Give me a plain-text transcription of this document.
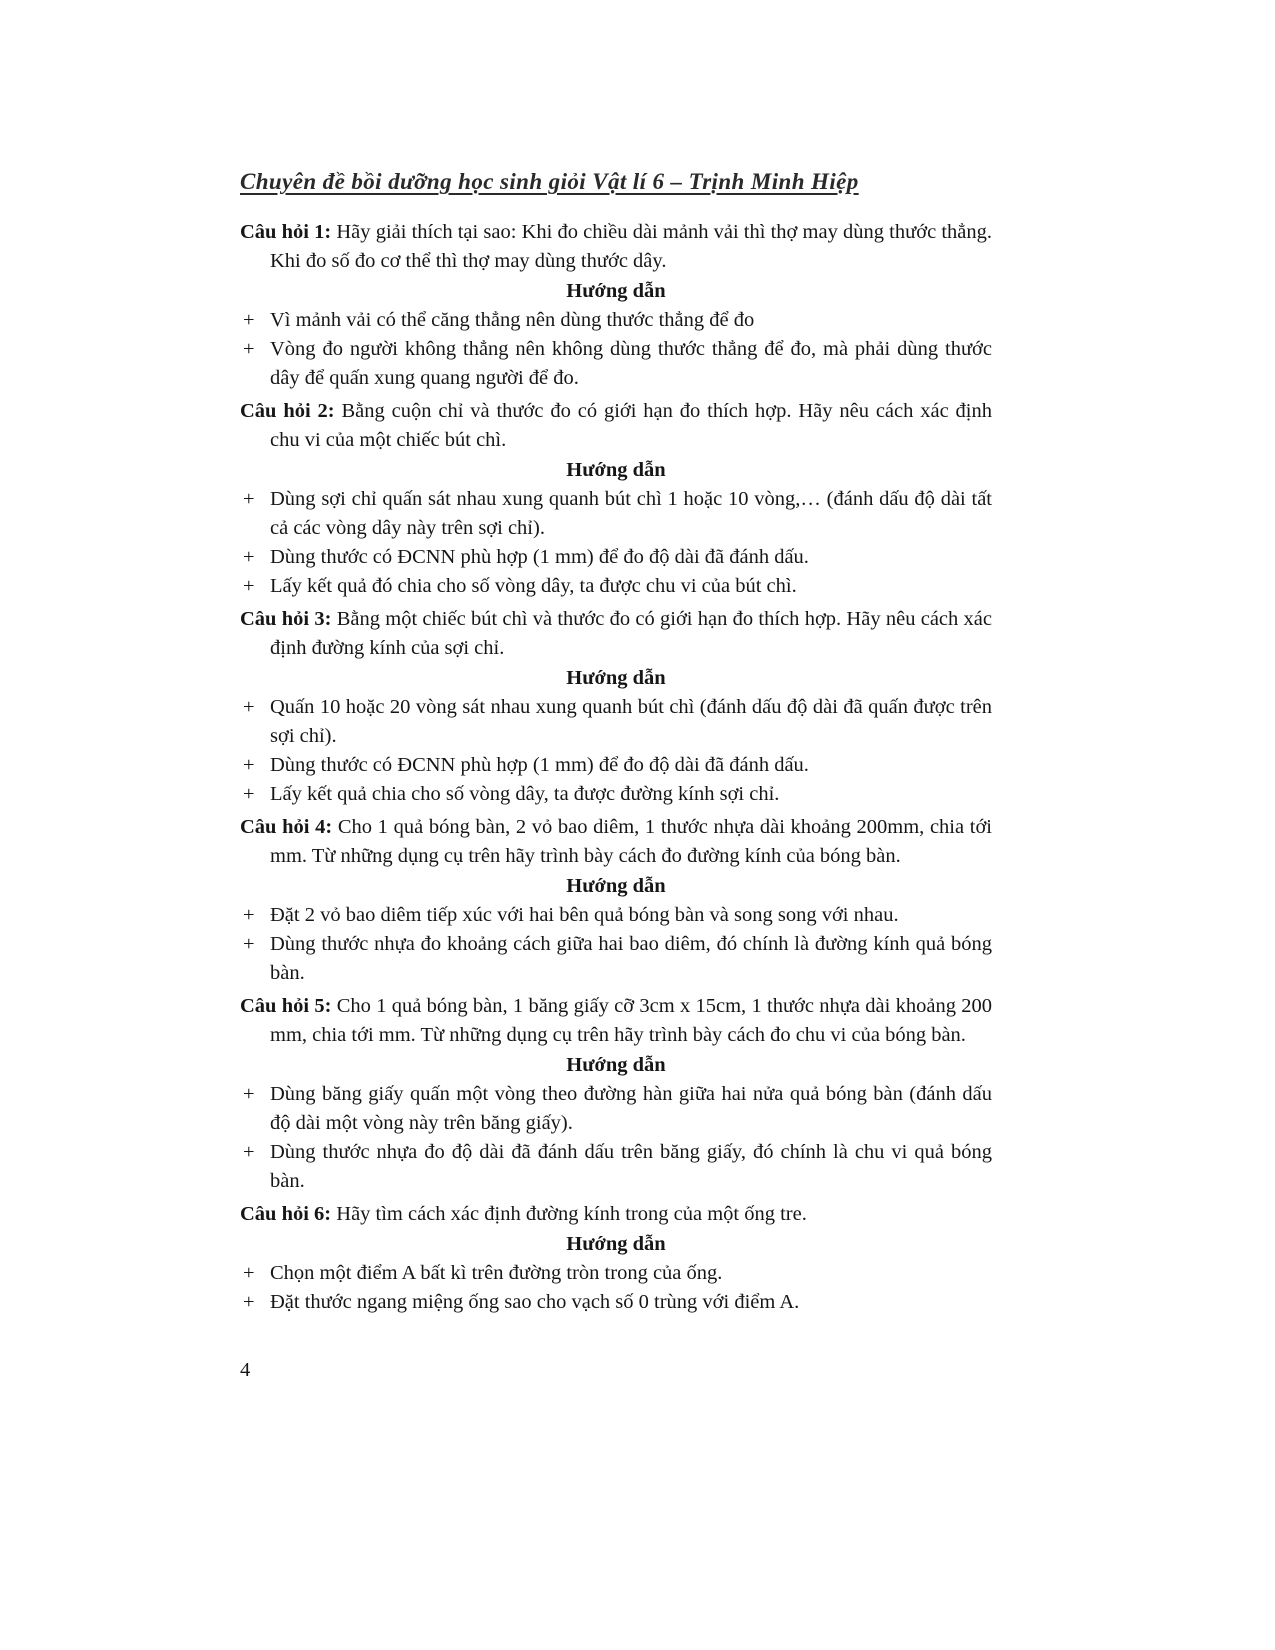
Chuyên đề bồi dưỡng học sinh giỏi Vật lí 6 – Trịnh Minh Hiệp

Câu hỏi 1: Hãy giải thích tại sao: Khi đo chiều dài mảnh vải thì thợ may dùng thước thẳng. Khi đo số đo cơ thể thì thợ may dùng thước dây.

Hướng dẫn

+ Vì mảnh vải có thể căng thẳng nên dùng thước thẳng để đo

+ Vòng đo người không thẳng nên không dùng thước thẳng để đo, mà phải dùng thước dây để quấn xung quang người để đo.

Câu hỏi 2: Bằng cuộn chỉ và thước đo có giới hạn đo thích hợp. Hãy nêu cách xác định chu vi của một chiếc bút chì.

Hướng dẫn

+ Dùng sợi chỉ quấn sát nhau xung quanh bút chì 1 hoặc 10 vòng,… (đánh dấu độ dài tất cả các vòng dây này trên sợi chỉ).

+ Dùng thước có ĐCNN phù hợp (1 mm) để đo độ dài đã đánh dấu.

+ Lấy kết quả đó chia cho số vòng dây, ta được chu vi của bút chì.

Câu hỏi 3: Bằng một chiếc bút chì và thước đo có giới hạn đo thích hợp. Hãy nêu cách xác định đường kính của sợi chỉ.

Hướng dẫn

+ Quấn 10 hoặc 20 vòng sát nhau xung quanh bút chì (đánh dấu độ dài đã quấn được trên sợi chỉ).

+ Dùng thước có ĐCNN phù hợp (1 mm) để đo độ dài đã đánh dấu.

+ Lấy kết quả chia cho số vòng dây, ta được đường kính sợi chỉ.

Câu hỏi 4: Cho 1 quả bóng bàn, 2 vỏ bao diêm, 1 thước nhựa dài khoảng 200mm, chia tới mm. Từ những dụng cụ trên hãy trình bày cách đo đường kính của bóng bàn.

Hướng dẫn

+ Đặt 2 vỏ bao diêm tiếp xúc với hai bên quả bóng bàn và song song với nhau.

+ Dùng thước nhựa đo khoảng cách giữa hai bao diêm, đó chính là đường kính quả bóng bàn.

Câu hỏi 5: Cho 1 quả bóng bàn, 1 băng giấy cỡ 3cm x 15cm, 1 thước nhựa dài khoảng 200 mm, chia tới mm. Từ những dụng cụ trên hãy trình bày cách đo chu vi của bóng bàn.

Hướng dẫn

+ Dùng băng giấy quấn một vòng theo đường hàn giữa hai nửa quả bóng bàn (đánh dấu độ dài một vòng này trên băng giấy).

+ Dùng thước nhựa đo độ dài đã đánh dấu trên băng giấy, đó chính là chu vi quả bóng bàn.

Câu hỏi 6: Hãy tìm cách xác định đường kính trong của một ống tre.

Hướng dẫn

+ Chọn một điểm A bất kì trên đường tròn trong của ống.

+ Đặt thước ngang miệng ống sao cho vạch số 0 trùng với điểm A.

4
